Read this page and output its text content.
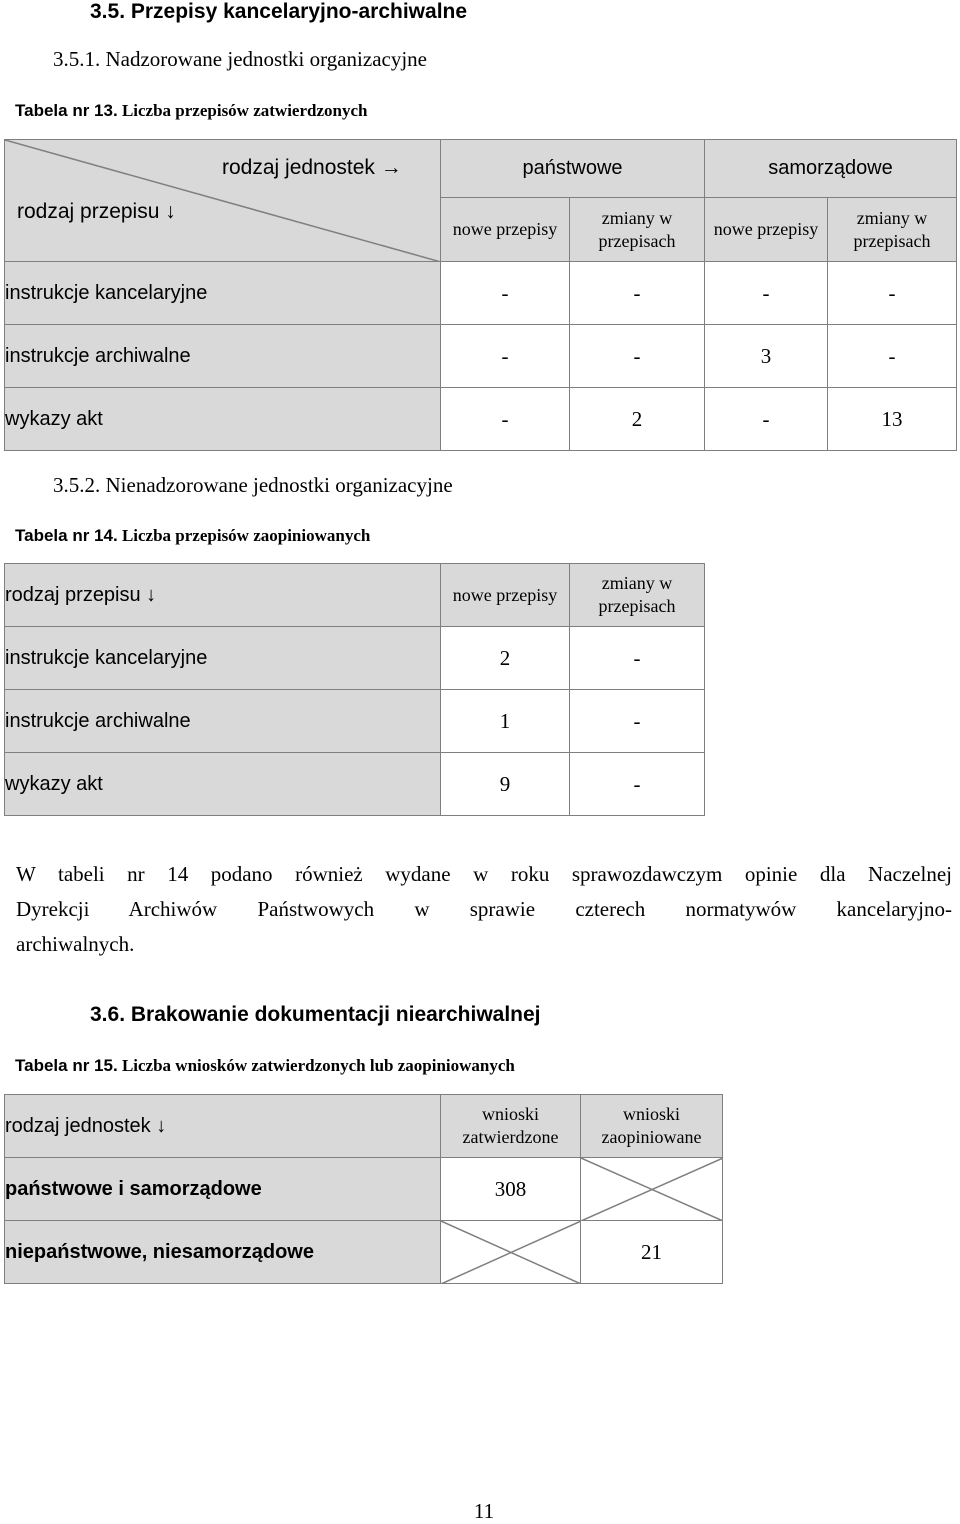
3.5. Przepisy kancelaryjno-archiwalne
3.5.1. Nadzorowane jednostki organizacyjne
Tabela nr 13. Liczba przepisów zatwierdzonych
rodzaj jednostek →
rodzaj przepisu ↓	państwowe		samorządowe	
	nowe przepisy	zmiany w przepisach	nowe przepisy	zmiany w przepisach
instrukcje kancelaryjne	-	-	-	-
instrukcje archiwalne	-	-	3	-
wykazy akt	-	2	-	13
3.5.2. Nienadzorowane jednostki organizacyjne
Tabela nr 14. Liczba przepisów zaopiniowanych
rodzaj przepisu ↓	nowe przepisy	zmiany w przepisach
instrukcje kancelaryjne	2	-
instrukcje archiwalne	1	-
wykazy akt	9	-
W tabeli nr 14 podano również wydane w roku sprawozdawczym opinie dla Naczelnej
Dyrekcji Archiwów Państwowych w sprawie czterech normatywów kancelaryjno-
archiwalnych.
3.6. Brakowanie dokumentacji niearchiwalnej
Tabela nr 15. Liczba wniosków zatwierdzonych lub zaopiniowanych
rodzaj jednostek ↓	wnioski zatwierdzone	wnioski zaopiniowane
państwowe i samorządowe	308	

niepaństwowe, niesamorządowe		21
11
